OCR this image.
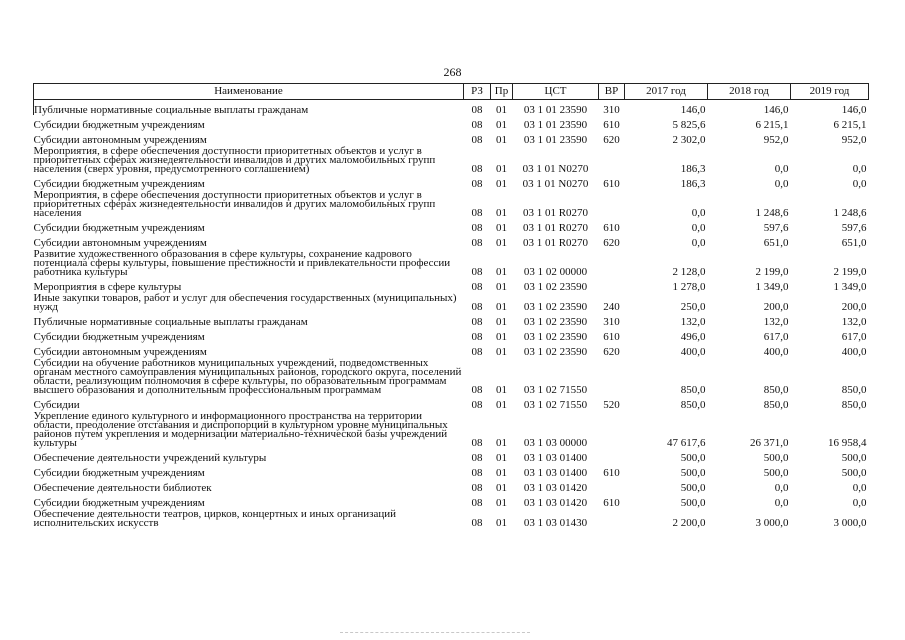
268
Наименование	РЗ	Пр	ЦСТ	ВР	2017 год	2018 год	2019 год
Публичные нормативные социальные выплаты гражданам	08	01	03 1 01 23590	310	146,0	146,0	146,0
Субсидии бюджетным учреждениям	08	01	03 1 01 23590	610	5 825,6	6 215,1	6 215,1
Субсидии автономным учреждениям	08	01	03 1 01 23590	620	2 302,0	952,0	952,0
Мероприятия, в сфере обеспечения доступности приоритетных объектов и услуг в приоритетных сферах жизнедеятельности инвалидов и других маломобильных групп населения (сверх уровня, предусмотренного соглашением)	08	01	03 1 01 N0270		186,3	0,0	0,0
Субсидии бюджетным учреждениям	08	01	03 1 01 N0270	610	186,3	0,0	0,0
Мероприятия, в сфере обеспечения доступности приоритетных объектов и услуг в приоритетных сферах жизнедеятельности инвалидов и других маломобильных групп населения	08	01	03 1 01 R0270		0,0	1 248,6	1 248,6
Субсидии бюджетным учреждениям	08	01	03 1 01 R0270	610	0,0	597,6	597,6
Субсидии автономным учреждениям	08	01	03 1 01 R0270	620	0,0	651,0	651,0
Развитие художественного образования в сфере культуры, сохранение кадрового потенциала сферы культуры, повышение престижности и привлекательности профессии работника культуры	08	01	03 1 02 00000		2 128,0	2 199,0	2 199,0
Мероприятия в сфере культуры	08	01	03 1 02 23590		1 278,0	1 349,0	1 349,0
Иные закупки товаров, работ и услуг для обеспечения государственных (муниципальных) нужд	08	01	03 1 02 23590	240	250,0	200,0	200,0
Публичные нормативные социальные выплаты гражданам	08	01	03 1 02 23590	310	132,0	132,0	132,0
Субсидии бюджетным учреждениям	08	01	03 1 02 23590	610	496,0	617,0	617,0
Субсидии автономным учреждениям	08	01	03 1 02 23590	620	400,0	400,0	400,0
Субсидии на обучение работников муниципальных учреждений, подведомственных органам местного самоуправления муниципальных районов, городского округа, поселений области, реализующим полномочия в сфере культуры, по образовательным программам высшего образования и дополнительным профессиональным программам	08	01	03 1 02 71550		850,0	850,0	850,0
Субсидии	08	01	03 1 02 71550	520	850,0	850,0	850,0
Укрепление единого культурного и информационного пространства на территории области, преодоление отставания и диспропорций в культурном уровне муниципальных районов путем укрепления и модернизации материально-технической базы учреждений культуры	08	01	03 1 03 00000		47 617,6	26 371,0	16 958,4
Обеспечение деятельности учреждений культуры	08	01	03 1 03 01400		500,0	500,0	500,0
Субсидии бюджетным учреждениям	08	01	03 1 03 01400	610	500,0	500,0	500,0
Обеспечение деятельности библиотек	08	01	03 1 03 01420		500,0	0,0	0,0
Субсидии бюджетным учреждениям	08	01	03 1 03 01420	610	500,0	0,0	0,0
Обеспечение деятельности театров, цирков, концертных и иных организаций исполнительских искусств	08	01	03 1 03 01430		2 200,0	3 000,0	3 000,0
